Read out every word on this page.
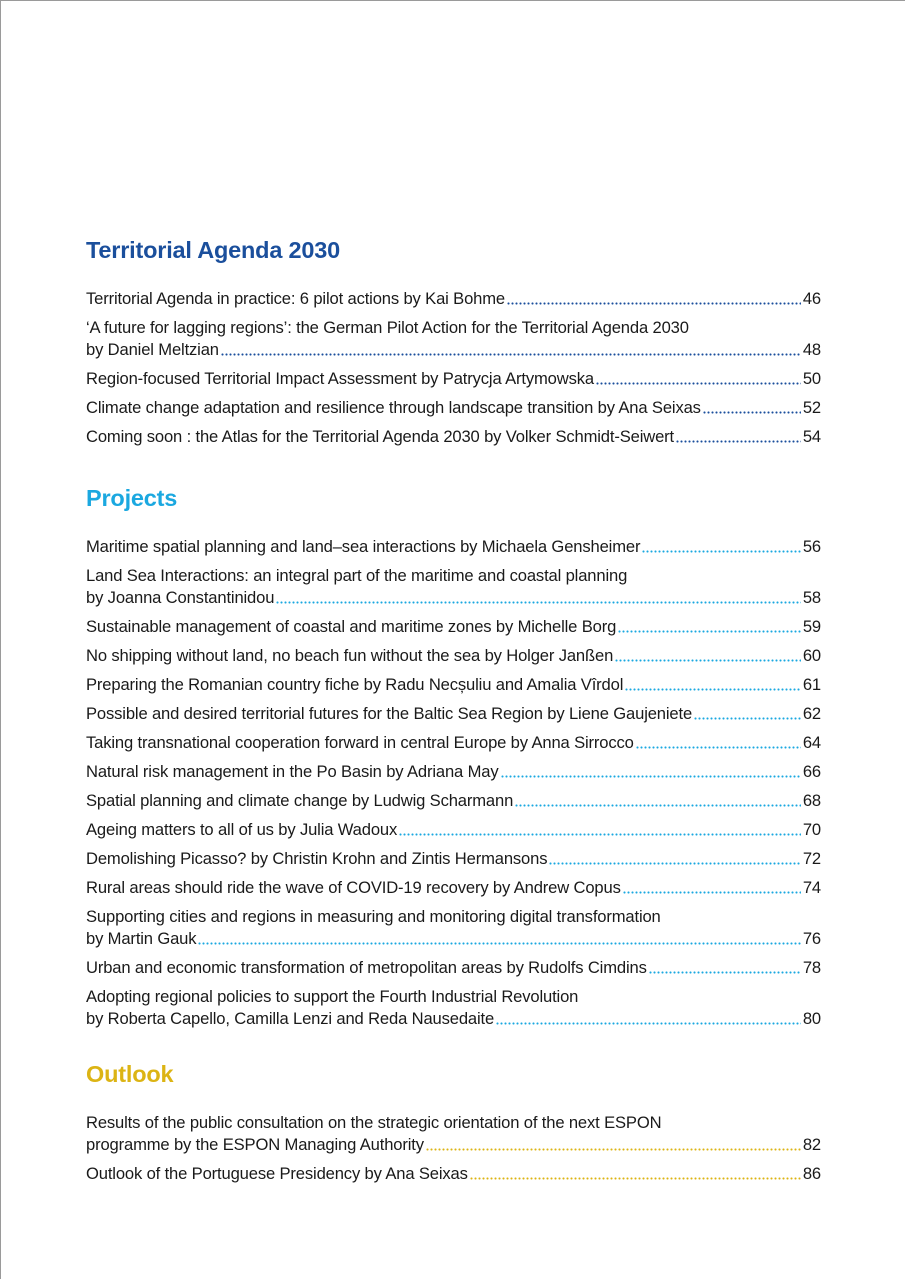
Territorial Agenda 2030
Territorial Agenda in practice: 6 pilot actions by Kai Bohme	46
‘A future for lagging regions’: the German Pilot Action for the Territorial Agenda 2030
by Daniel Meltzian	48
Region-focused Territorial Impact Assessment by Patrycja Artymowska	50
Climate change adaptation and resilience through landscape transition by Ana Seixas	52
Coming soon : the Atlas for the Territorial Agenda 2030 by Volker Schmidt-Seiwert	54
Projects
Maritime spatial planning and land–sea interactions by Michaela Gensheimer	56
Land Sea Interactions: an integral part of the maritime and coastal planning
by Joanna Constantinidou	58
Sustainable management of coastal and maritime zones by Michelle Borg	59
No shipping without land, no beach fun without the sea by Holger Janßen	60
Preparing the Romanian country fiche by Radu Necșuliu and Amalia Vîrdol	61
Possible and desired territorial futures for the Baltic Sea Region by Liene Gaujeniete	62
Taking transnational cooperation forward in central Europe by Anna Sirrocco	64
Natural risk management in the Po Basin by Adriana May	66
Spatial planning and climate change by Ludwig Scharmann	68
Ageing matters to all of us by Julia Wadoux	70
Demolishing Picasso? by Christin Krohn and Zintis Hermansons	72
Rural areas should ride the wave of COVID-19 recovery by Andrew Copus	74
Supporting cities and regions in measuring and monitoring digital transformation
by Martin Gauk	76
Urban and economic transformation of metropolitan areas by Rudolfs Cimdins	78
Adopting regional policies to support the Fourth Industrial Revolution
by Roberta Capello, Camilla Lenzi and Reda Nausedaite	80
Outlook
Results of the public consultation on the strategic orientation of the next ESPON
programme by the ESPON Managing Authority	82
Outlook of the Portuguese Presidency by Ana Seixas	86
